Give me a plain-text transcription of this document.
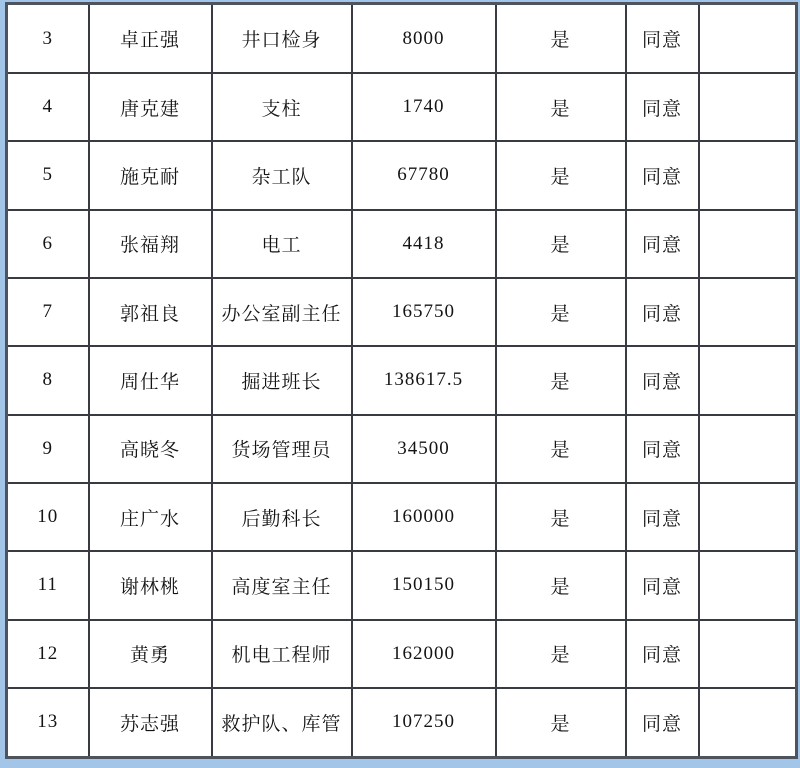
3	卓正强	井口检身	8000	是	同意	
4	唐克建	支柱	1740	是	同意	
5	施克耐	杂工队	67780	是	同意	
6	张福翔	电工	4418	是	同意	
7	郭祖良	办公室副主任	165750	是	同意	
8	周仕华	掘进班长	138617.5	是	同意	
9	高晓冬	货场管理员	34500	是	同意	
10	庄广水	后勤科长	160000	是	同意	
11	谢林桃	高度室主任	150150	是	同意	
12	黄勇	机电工程师	162000	是	同意	
13	苏志强	救护队、库管	107250	是	同意	
